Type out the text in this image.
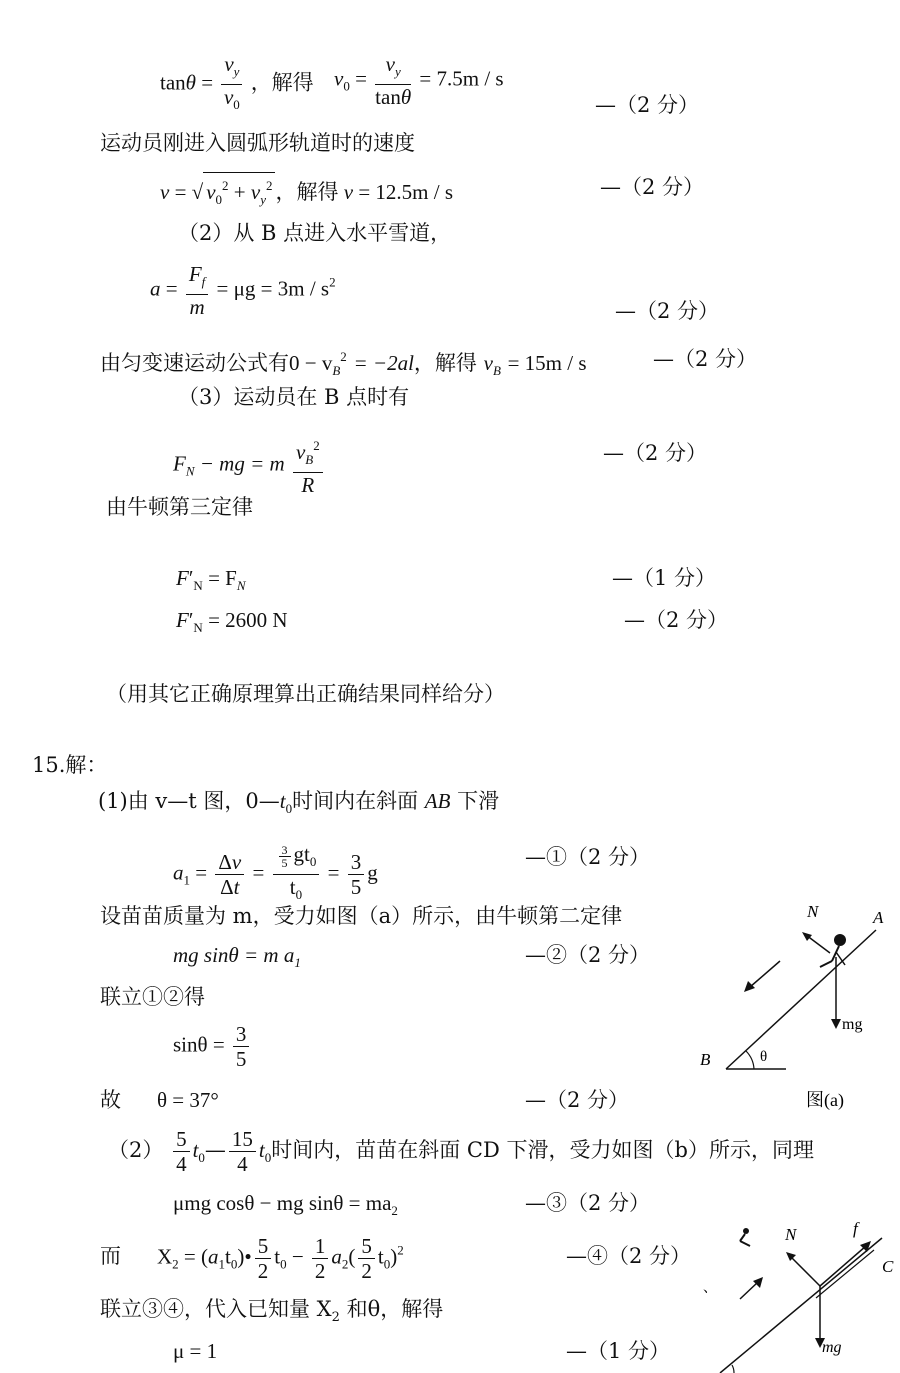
$\tan\theta = \frac{v_y}{v_0}$ ，解得 $v_0 = \frac{v_y}{\tan\theta} = 7.5m / s$
—（2 分）
运动员刚进入圆弧形轨道时的速度
v = √ $v_0^2 + v_y^2$ ，解得 v = 12.5m / s	—（2 分）
（2）从 B 点进入水平雪道，
$a = \frac{F_f}{m} = \mu g = 3m / s^2$
—（2 分）
由匀变速运动公式有$0 - v_B^2 = -2al$，解得 $v_B = 15m / s$	—（2 分）
（3）运动员在 B 点时有
$F_N$ − mg = m $\frac{v_B^2}{R}$	—（2 分）
由牛顿第三定律
$F'_N = F_N$	—（1 分）
$F'_N = 2600$ N	—（2 分）
（用其它正确原理算出正确结果同样给分）
15.解：
(1)由 v—t 图，$0—t_0$时间内在斜面 AB 下滑
$a_1 = \frac{\Delta v}{\Delta t} = \frac{\frac{3}{5} gt_0}{t_0} = \frac{3}{5}$ g
—①（2 分）
设苗苗质量为 m，受力如图（a）所示，由牛顿第二定律
mg sinθ = m $a_1$	—②（2 分）
联立①②得
$\sin\theta = \frac{3}{5}$
故 θ = 37°	—（2 分）
$(2) \frac{5}{4}$ $t_0— \frac{15}{4} t_0$时间内，苗苗在斜面 CD 下滑，受力如图（b）所示，同理
μmg cosθ − mg $\sin\theta = ma_2$	—③（2 分）
而 $X_2$ = $(a_1t_0)• \frac{5}{2} t_0 - \frac{1}{2} a_2( \frac{5}{2} t_0)^2$	—④（2 分）
联立③④，代入已知量 $X_2$ 和θ，解得
μ = 1	—（1 分）
θ
B
A
N
mg
图(a)
C
、
N	f
mg
